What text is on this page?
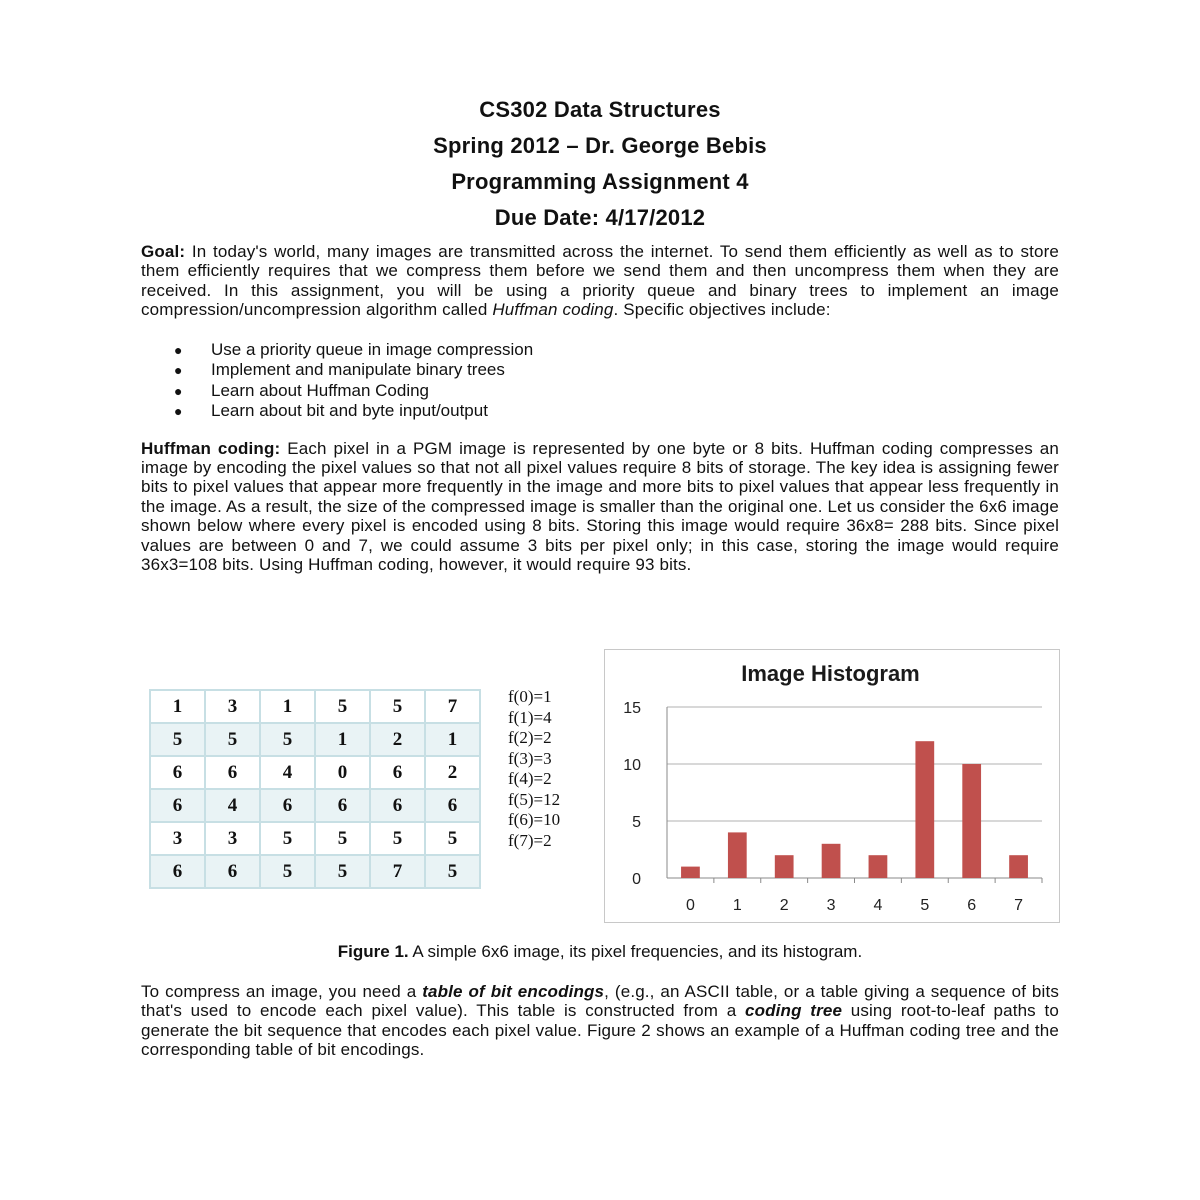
CS302 Data Structures

Spring 2012 – Dr. George Bebis

Programming Assignment 4

Due Date: 4/17/2012

Goal: In today's world, many images are transmitted across the internet. To send them efficiently as well as to store them efficiently requires that we compress them before we send them and then uncompress them when they are received. In this assignment, you will be using a priority queue and binary trees to implement an image compression/uncompression algorithm called Huffman coding. Specific objectives include:

● Use a priority queue in image compression
● Implement and manipulate binary trees
● Learn about Huffman Coding
● Learn about bit and byte input/output

Huffman coding: Each pixel in a PGM image is represented by one byte or 8 bits. Huffman coding compresses an image by encoding the pixel values so that not all pixel values require 8 bits of storage. The key idea is assigning fewer bits to pixel values that appear more frequently in the image and more bits to pixel values that appear less frequently in the image. As a result, the size of the compressed image is smaller than the original one. Let us consider the 6x6 image shown below where every pixel is encoded using 8 bits. Storing this image would require 36x8= 288 bits. Since pixel values are between 0 and 7, we could assume 3 bits per pixel only; in this case, storing the image would require 36x3=108 bits. Using Huffman coding, however, it would require 93 bits.

1	3	1	5	5	7
5	5	5	1	2	1
6	6	4	0	6	2
6	4	6	6	6	6
3	3	5	5	5	5
6	6	5	5	7	5
f(0)=1
f(1)=4
f(2)=2
f(3)=3
f(4)=2
f(5)=12
f(6)=10
f(7)=2
Image Histogram
0
5
10
15
0 1 2 3 4 5 6 7
Figure 1. A simple 6x6 image, its pixel frequencies, and its histogram.

To compress an image, you need a table of bit encodings, (e.g., an ASCII table, or a table giving a sequence of bits that's used to encode each pixel value). This table is constructed from a coding tree using root-to-leaf paths to generate the bit sequence that encodes each pixel value. Figure 2 shows an example of a Huffman coding tree and the corresponding table of bit encodings.
